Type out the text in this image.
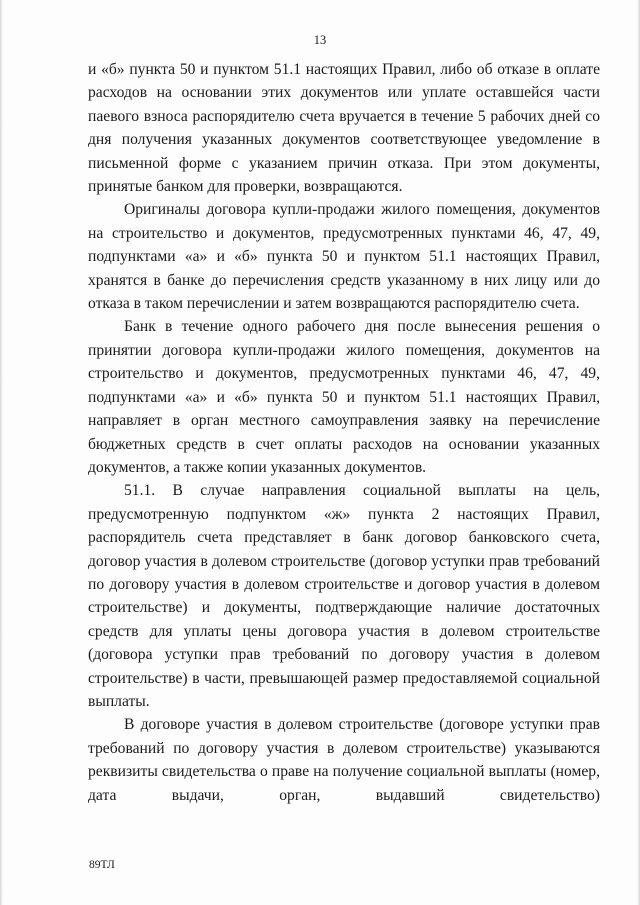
13

и «б» пункта 50 и пунктом 51.1 настоящих Правил, либо об отказе в оплате расходов на основании этих документов или уплате оставшейся части паевого взноса распорядителю счета вручается в течение 5 рабочих дней со дня получения указанных документов соответствующее уведомление в письменной форме с указанием причин отказа. При этом документы, принятые банком для проверки, возвращаются.

Оригиналы договора купли-продажи жилого помещения, документов на строительство и документов, предусмотренных пунктами 46, 47, 49, подпунктами «а» и «б» пункта 50 и пунктом 51.1 настоящих Правил, хранятся в банке до перечисления средств указанному в них лицу или до отказа в таком перечислении и затем возвращаются распорядителю счета.

Банк в течение одного рабочего дня после вынесения решения о принятии договора купли-продажи жилого помещения, документов на строительство и документов, предусмотренных пунктами 46, 47, 49, подпунктами «а» и «б» пункта 50 и пунктом 51.1 настоящих Правил, направляет в орган местного самоуправления заявку на перечисление бюджетных средств в счет оплаты расходов на основании указанных документов, а также копии указанных документов.

51.1. В случае направления социальной выплаты на цель, предусмотренную подпунктом «ж» пункта 2 настоящих Правил, распорядитель счета представляет в банк договор банковского счета, договор участия в долевом строительстве (договор уступки прав требований по договору участия в долевом строительстве и договор участия в долевом строительстве) и документы, подтверждающие наличие достаточных средств для уплаты цены договора участия в долевом строительстве (договора уступки прав требований по договору участия в долевом строительстве) в части, превышающей размер предоставляемой социальной выплаты.

В договоре участия в долевом строительстве (договоре уступки прав требований по договору участия в долевом строительстве) указываются реквизиты свидетельства о праве на получение социальной выплаты (номер, дата выдачи, орган, выдавший свидетельство)

89ТЛ
